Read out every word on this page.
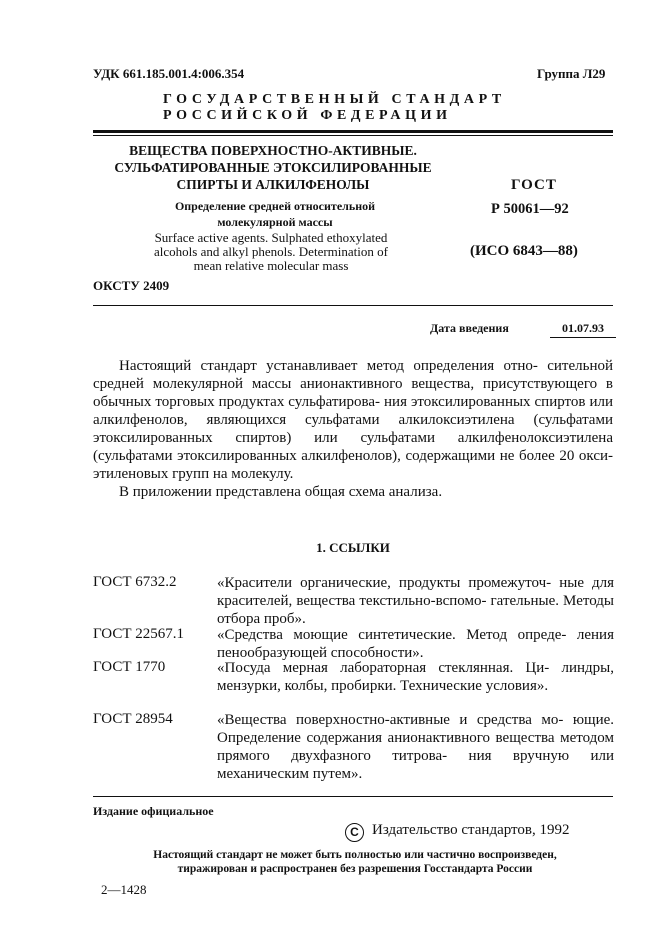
УДК 661.185.001.4:006.354	Группа Л29
ГОСУДАРСТВЕННЫЙ СТАНДАРТ
РОССИЙСКОЙ ФЕДЕРАЦИИ
ВЕЩЕСТВА ПОВЕРХНОСТНО-АКТИВНЫЕ.
СУЛЬФАТИРОВАННЫЕ ЭТОКСИЛИРОВАННЫЕ
СПИРТЫ И АЛКИЛФЕНОЛЫ
Определение средней относительной
молекулярной массы
Surface active agents. Sulphated ethoxylated
alcohols and alkyl phenols. Determination of
mean relative molecular mass
ОКСТУ 2409
ГОСТ
Р 50061—92
(ИСО 6843—88)
Дата введения	01.07.93

Настоящий стандарт устанавливает метод определения отно- сительной средней молекулярной массы анионактивного вещества, присутствующего в обычных торговых продуктах сульфатирова- ния этоксилированных спиртов или алкилфенолов, являющихся сульфатами алкилоксиэтилена (сульфатами этоксилированных спиртов) или сульфатами алкилфенолоксиэтилена (сульфатами этоксилированных алкилфенолов), содержащими не более 20 окси- этиленовых групп на молекулу.

В приложении представлена общая схема анализа.

1. ССЫЛКИ
ГОСТ 6732.2	«Красители органические, продукты промежуточ- ные для красителей, вещества текстильно-вспомо- гательные. Методы отбора проб».
ГОСТ 22567.1 «Средства моющие синтетические. Метод опреде- ления пенообразующей способности».
ГОСТ 1770	«Посуда мерная лабораторная стеклянная. Ци- линдры, мензурки, колбы, пробирки. Технические условия».
ГОСТ 28954	«Вещества поверхностно-активные и средства мо- ющие. Определение содержания анионактивного вещества методом прямого двухфазного титрова- ния вручную или механическим путем».
Издание официальное
C Издательство стандартов, 1992
Настоящий стандарт не может быть полностью или частично воспроизведен,
тиражирован и распространен без разрешения Госстандарта России
2—1428
